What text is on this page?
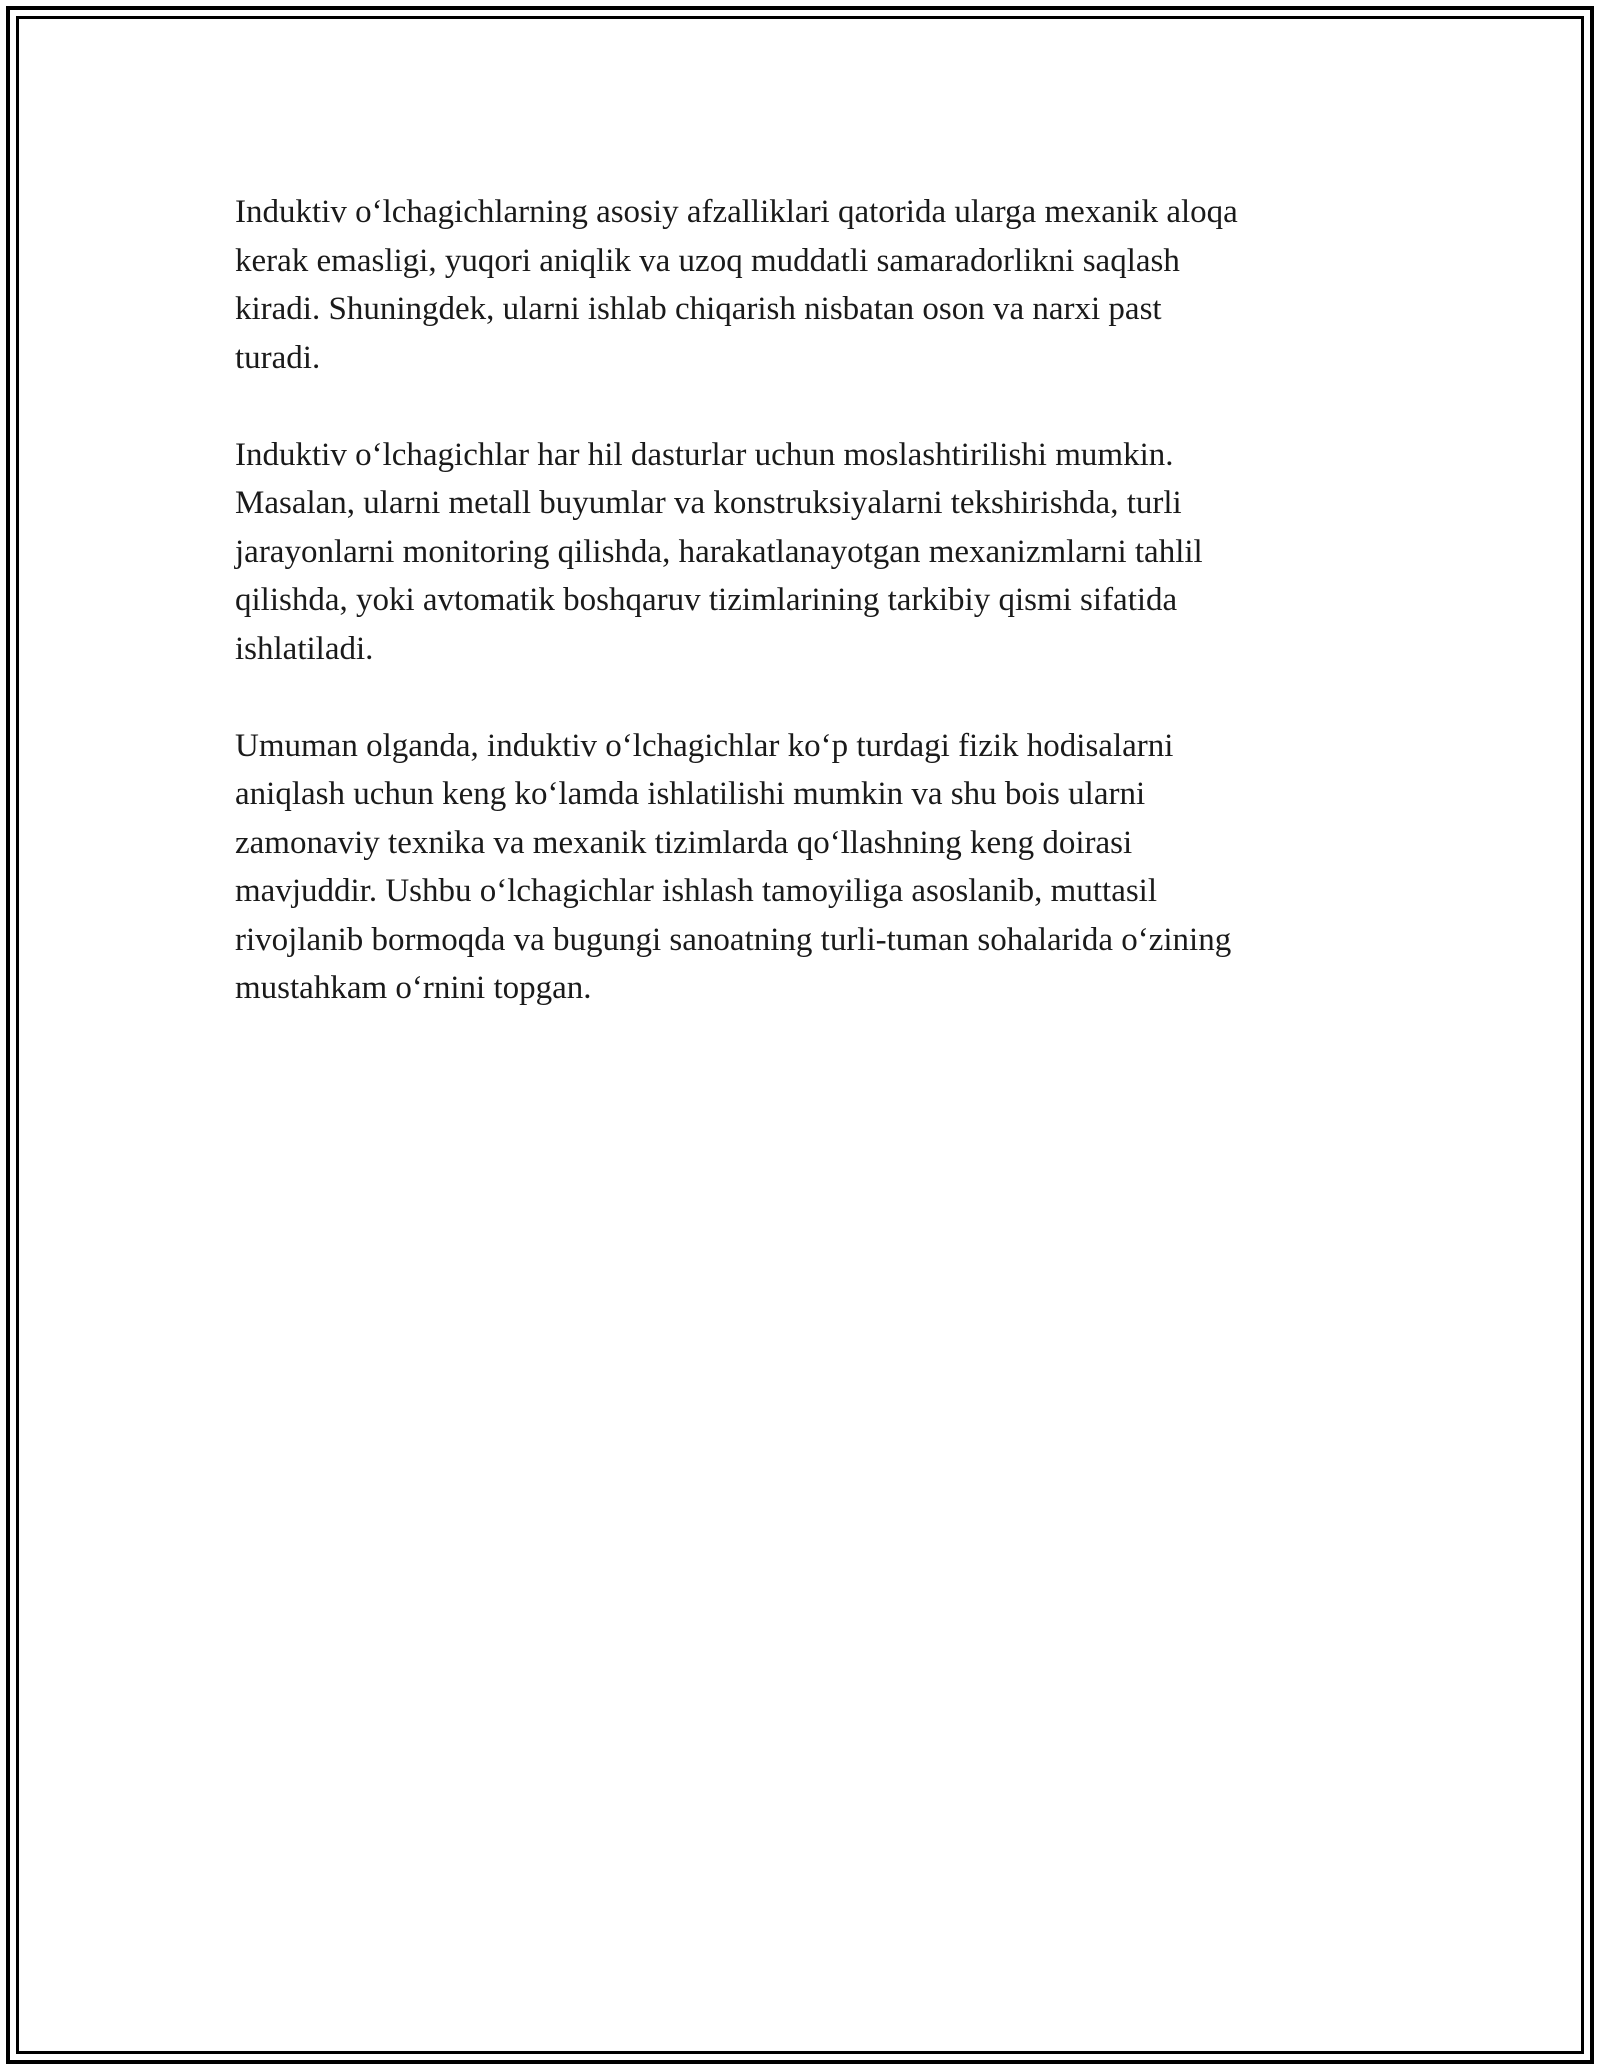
Induktiv o‘lchagichlarning asosiy afzalliklari qatorida ularga mexanik aloqa
kerak emasligi, yuqori aniqlik va uzoq muddatli samaradorlikni saqlash
kiradi. Shuningdek, ularni ishlab chiqarish nisbatan oson va narxi past
turadi.

Induktiv o‘lchagichlar har hil dasturlar uchun moslashtirilishi mumkin.
Masalan, ularni metall buyumlar va konstruksiyalarni tekshirishda, turli
jarayonlarni monitoring qilishda, harakatlanayotgan mexanizmlarni tahlil
qilishda, yoki avtomatik boshqaruv tizimlarining tarkibiy qismi sifatida
ishlatiladi.

Umuman olganda, induktiv o‘lchagichlar ko‘p turdagi fizik hodisalarni
aniqlash uchun keng ko‘lamda ishlatilishi mumkin va shu bois ularni
zamonaviy texnika va mexanik tizimlarda qo‘llashning keng doirasi
mavjuddir. Ushbu o‘lchagichlar ishlash tamoyiliga asoslanib, muttasil
rivojlanib bormoqda va bugungi sanoatning turli-tuman sohalarida o‘zining
mustahkam o‘rnini topgan.
